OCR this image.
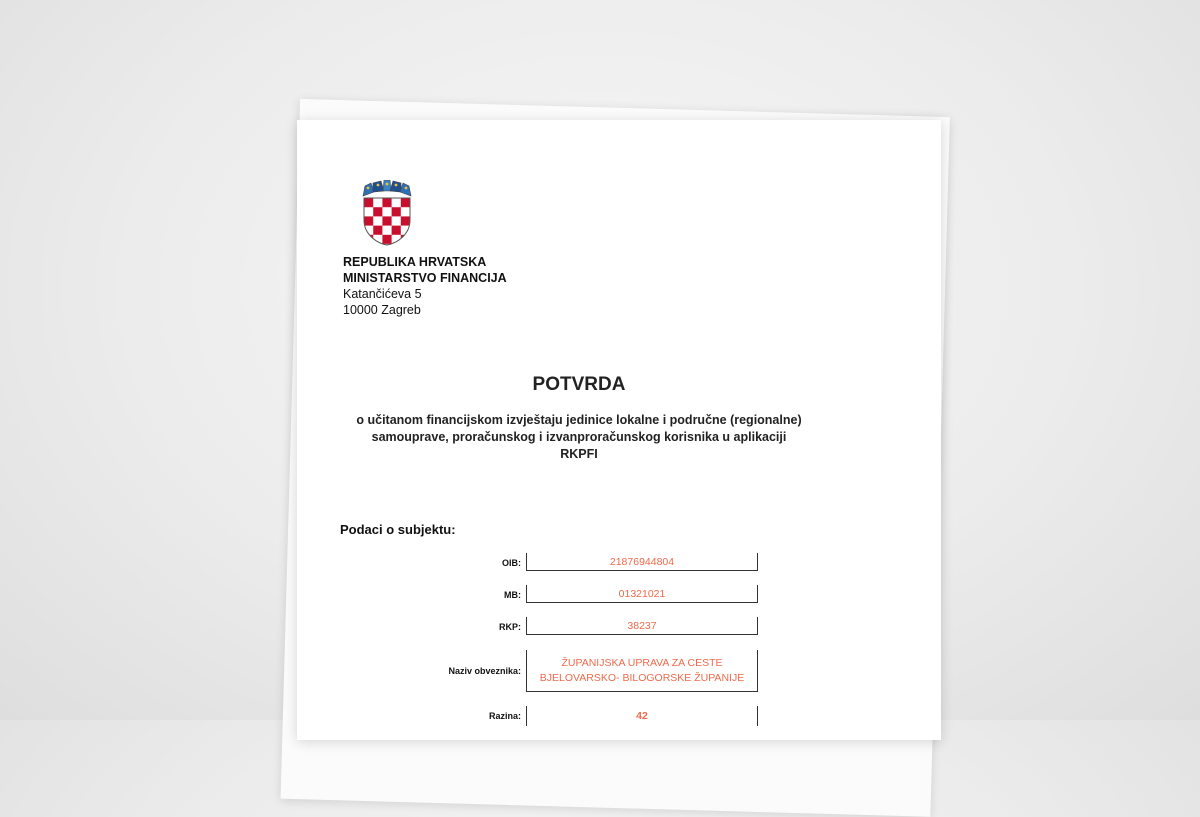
REPUBLIKA HRVATSKA
MINISTARSTVO FINANCIJA
Katančićeva 5
10000 Zagreb
POTVRDA
o učitanom financijskom izvještaju jedinice lokalne i područne (regionalne)
samouprave, proračunskog i izvanproračunskog korisnika u aplikaciji
RKPFI
Podaci o subjektu:
OIB:	21876944804
MB:	01321021
RKP:	38237
Naziv obveznika:
ŽUPANIJSKA UPRAVA ZA CESTE
BJELOVARSKO- BILOGORSKE ŽUPANIJE
Razina:	42
